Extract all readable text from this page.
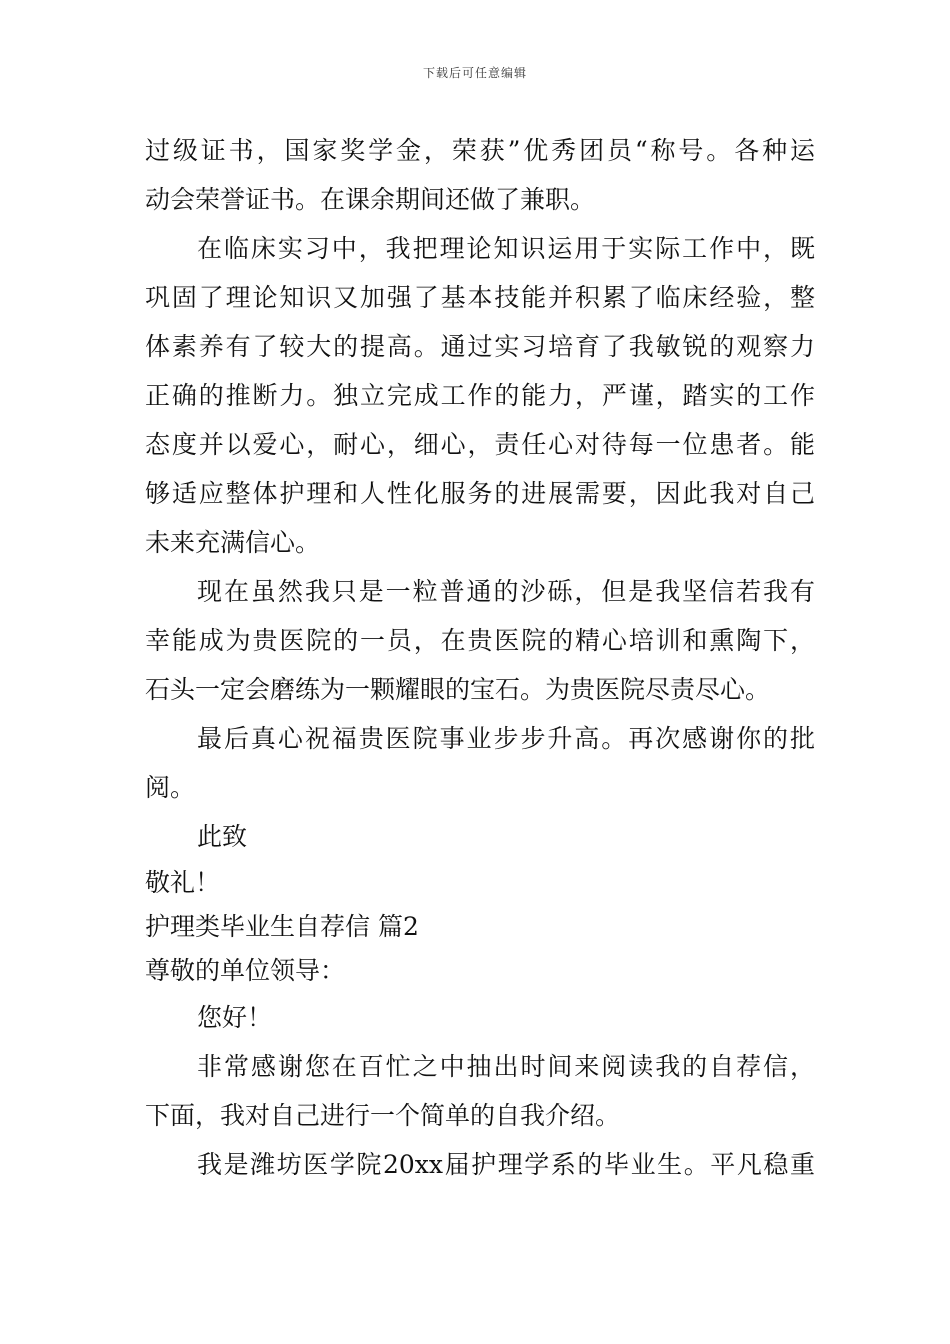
下载后可任意编辑
过级证书，国家奖学金，荣获”优秀团员“称号。各种运
动会荣誉证书。在课余期间还做了兼职。
在临床实习中，我把理论知识运用于实际工作中，既
巩固了理论知识又加强了基本技能并积累了临床经验，整
体素养有了较大的提高。通过实习培育了我敏锐的观察力
正确的推断力。独立完成工作的能力，严谨，踏实的工作
态度并以爱心，耐心，细心，责任心对待每一位患者。能
够适应整体护理和人性化服务的进展需要，因此我对自己
未来充满信心。
现在虽然我只是一粒普通的沙砾，但是我坚信若我有
幸能成为贵医院的一员，在贵医院的精心培训和熏陶下，
石头一定会磨练为一颗耀眼的宝石。为贵医院尽责尽心。
最后真心祝福贵医院事业步步升高。再次感谢你的批
阅。
此致
敬礼！
护理类毕业生自荐信 篇2
尊敬的单位领导：
您好！
非常感谢您在百忙之中抽出时间来阅读我的自荐信，
下面，我对自己进行一个简单的自我介绍。
我是潍坊医学院20xx届护理学系的毕业生。平凡稳重
